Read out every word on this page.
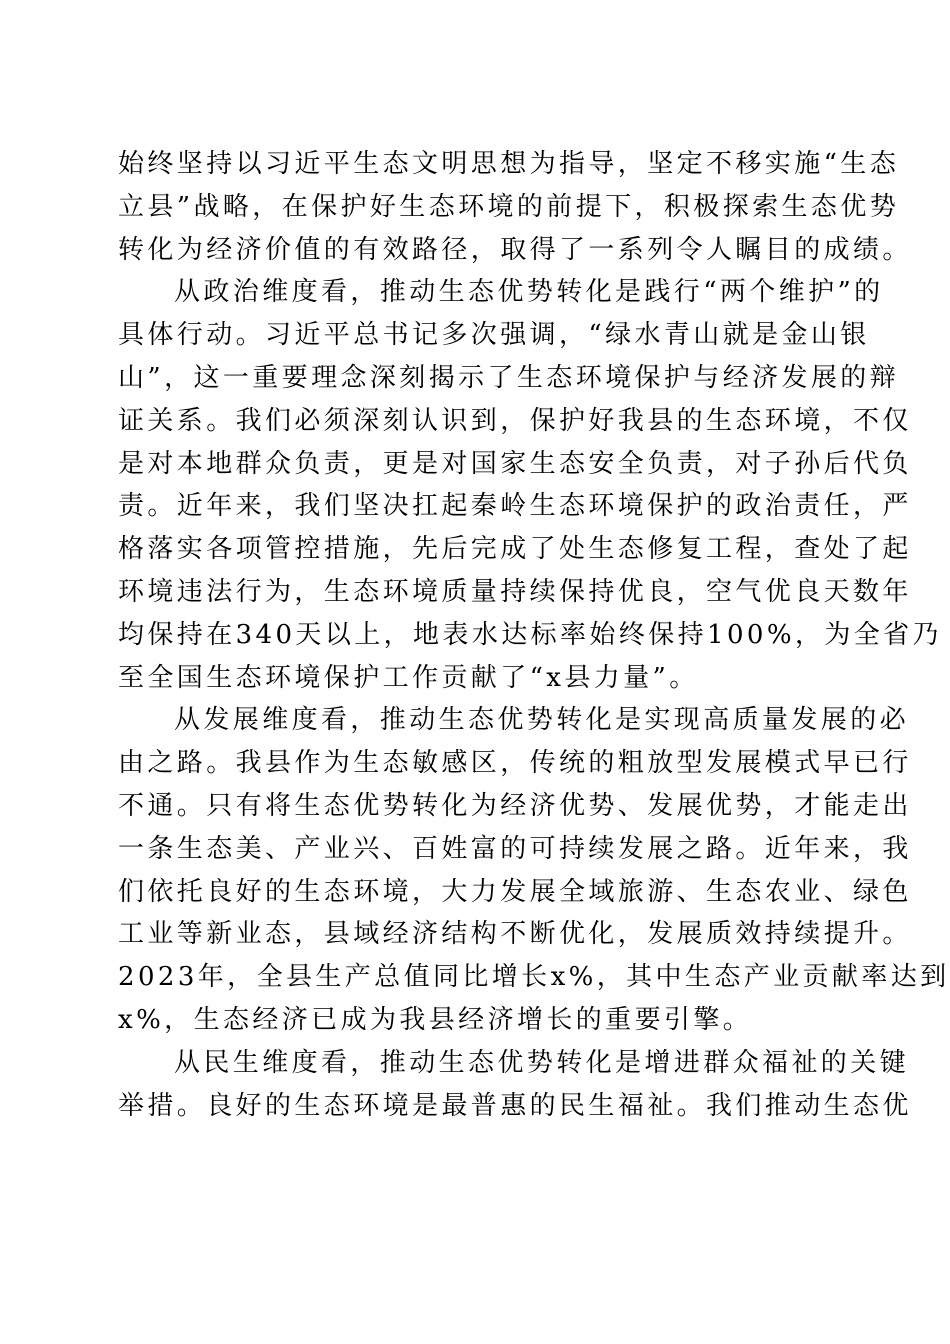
始终坚持以习近平生态文明思想为指导，坚定不移实施“生态
立县”战略，在保护好生态环境的前提下，积极探索生态优势
转化为经济价值的有效路径，取得了一系列令人瞩目的成绩。
从政治维度看，推动生态优势转化是践行“两个维护”的
具体行动。习近平总书记多次强调，“绿水青山就是金山银
山”，这一重要理念深刻揭示了生态环境保护与经济发展的辩
证关系。我们必须深刻认识到，保护好我县的生态环境，不仅
是对本地群众负责，更是对国家生态安全负责，对子孙后代负
责。近年来，我们坚决扛起秦岭生态环境保护的政治责任，严
格落实各项管控措施，先后完成了处生态修复工程，查处了起
环境违法行为，生态环境质量持续保持优良，空气优良天数年
均保持在340天以上，地表水达标率始终保持100%，为全省乃
至全国生态环境保护工作贡献了“x县力量”。
从发展维度看，推动生态优势转化是实现高质量发展的必
由之路。我县作为生态敏感区，传统的粗放型发展模式早已行
不通。只有将生态优势转化为经济优势、发展优势，才能走出
一条生态美、产业兴、百姓富的可持续发展之路。近年来，我
们依托良好的生态环境，大力发展全域旅游、生态农业、绿色
工业等新业态，县域经济结构不断优化，发展质效持续提升。
2023年，全县生产总值同比增长x%，其中生态产业贡献率达到
x%，生态经济已成为我县经济增长的重要引擎。
从民生维度看，推动生态优势转化是增进群众福祉的关键
举措。良好的生态环境是最普惠的民生福祉。我们推动生态优
